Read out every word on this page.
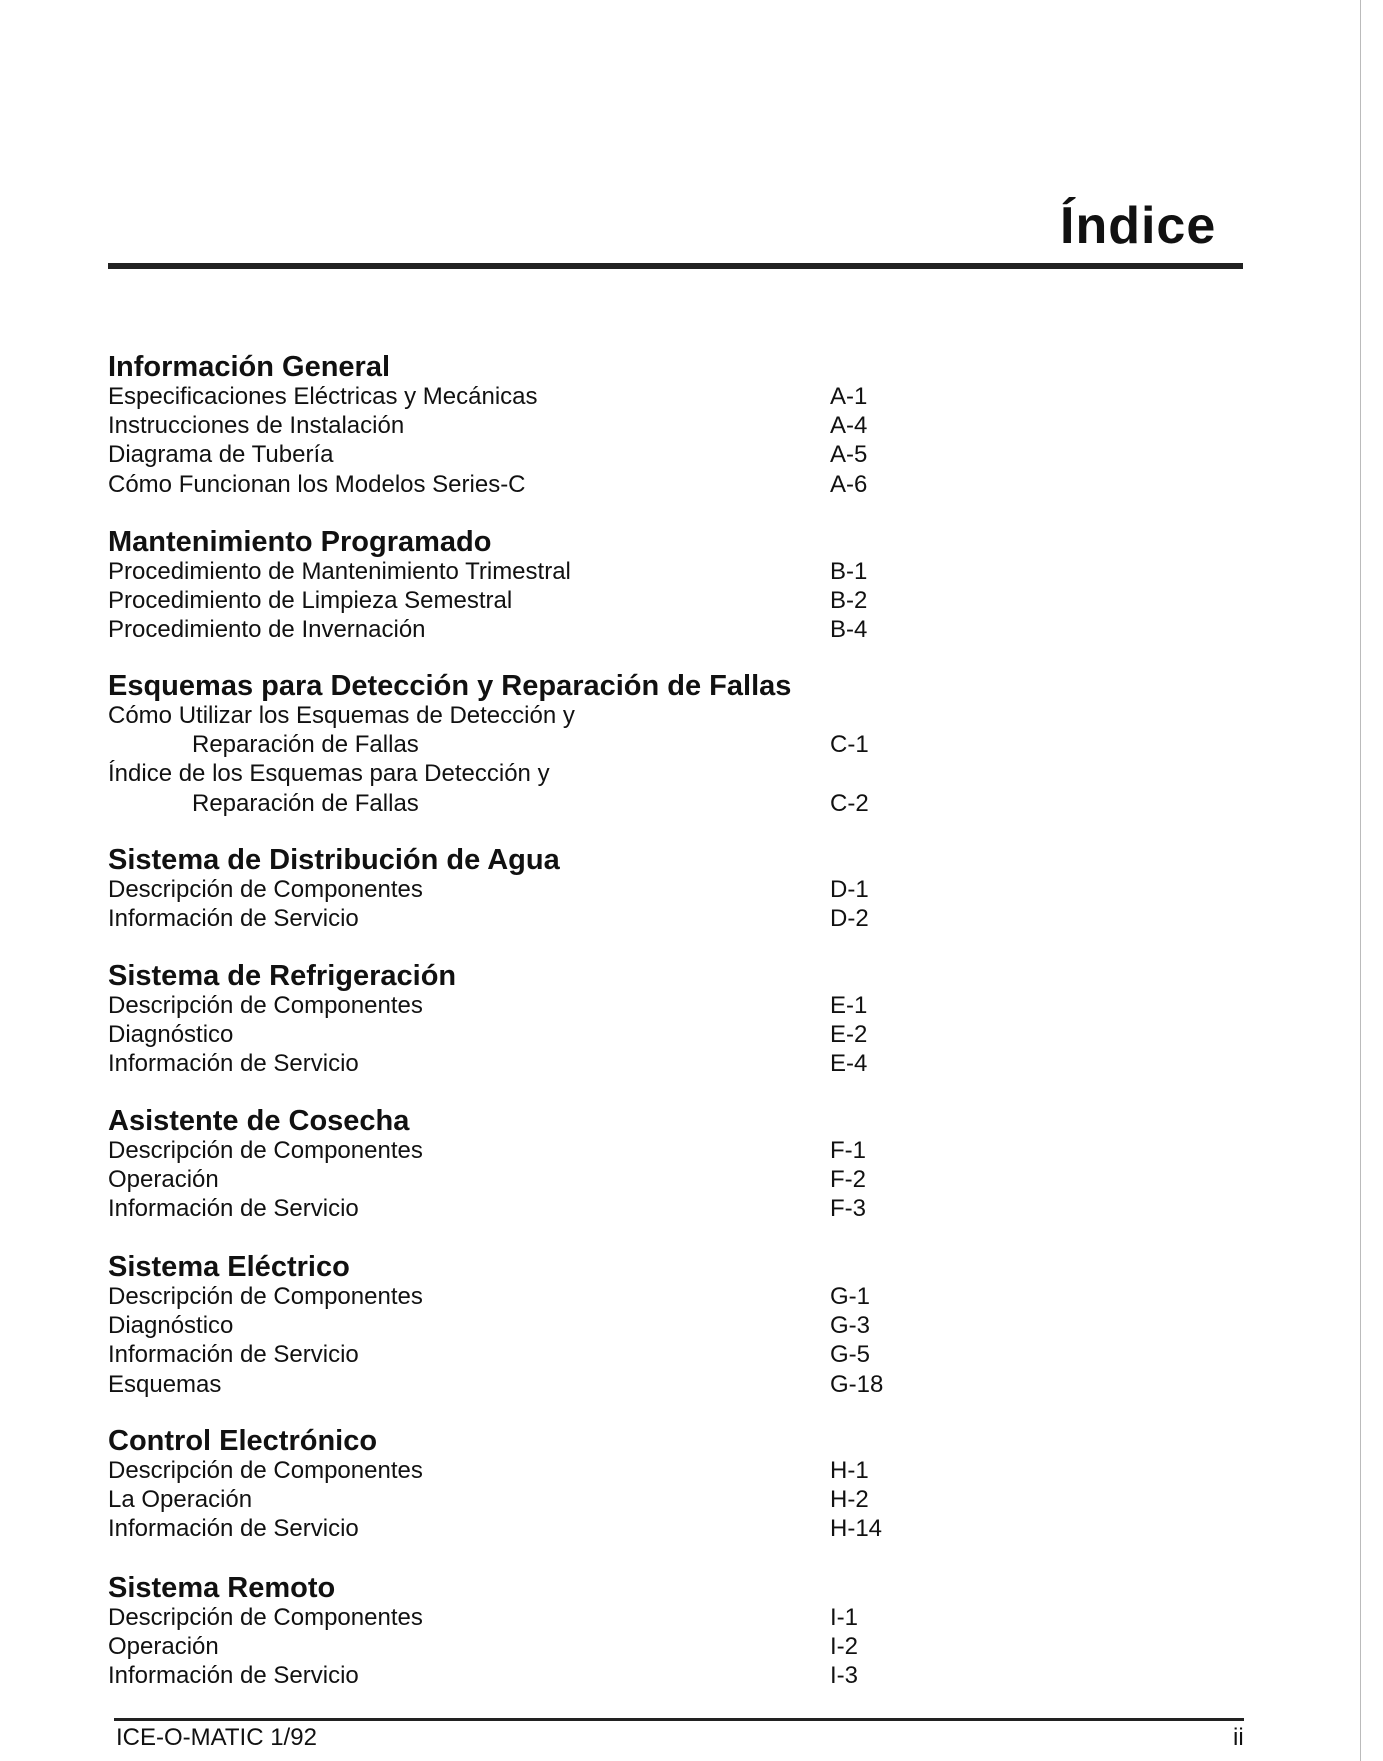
Índice
Información General
Especificaciones Eléctricas y Mecánicas	A-1
Instrucciones de Instalación	A-4
Diagrama de Tubería	A-5
Cómo Funcionan los Modelos Series-C	A-6
Mantenimiento Programado
Procedimiento de Mantenimiento Trimestral	B-1
Procedimiento de Limpieza Semestral	B-2
Procedimiento de Invernación	B-4
Esquemas para Detección y Reparación de Fallas
Cómo Utilizar los Esquemas de Detección y
Reparación de Fallas	C-1
Índice de los Esquemas para Detección y
Reparación de Fallas	C-2
Sistema de Distribución de Agua
Descripción de Componentes	D-1
Información de Servicio	D-2
Sistema de Refrigeración
Descripción de Componentes	E-1
Diagnóstico	E-2
Información de Servicio	E-4
Asistente de Cosecha
Descripción de Componentes	F-1
Operación	F-2
Información de Servicio	F-3
Sistema Eléctrico
Descripción de Componentes	G-1
Diagnóstico	G-3
Información de Servicio	G-5
Esquemas	G-18
Control Electrónico
Descripción de Componentes	H-1
La Operación	H-2
Información de Servicio	H-14
Sistema Remoto
Descripción de Componentes	I-1
Operación	I-2
Información de Servicio	I-3
ICE-O-MATIC 1/92	ii
